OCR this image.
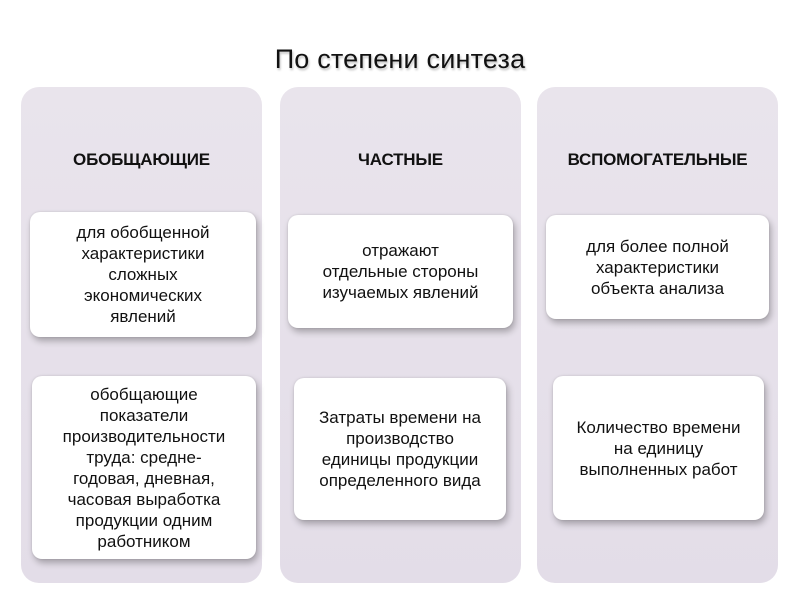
По степени синтеза
ОБОБЩАЮЩИЕ
для обобщенной
характеристики
сложных
экономических
явлений
обобщающие
показатели
производительности
труда: средне-
годовая, дневная,
часовая выработка
продукции одним
работником
ЧАСТНЫЕ
отражают
отдельные стороны
изучаемых явлений
Затраты времени на
производство
единицы продукции
определенного вида
ВСПОМОГАТЕЛЬНЫЕ
для более полной
характеристики
объекта анализа
Количество времени
на единицу
выполненных работ
